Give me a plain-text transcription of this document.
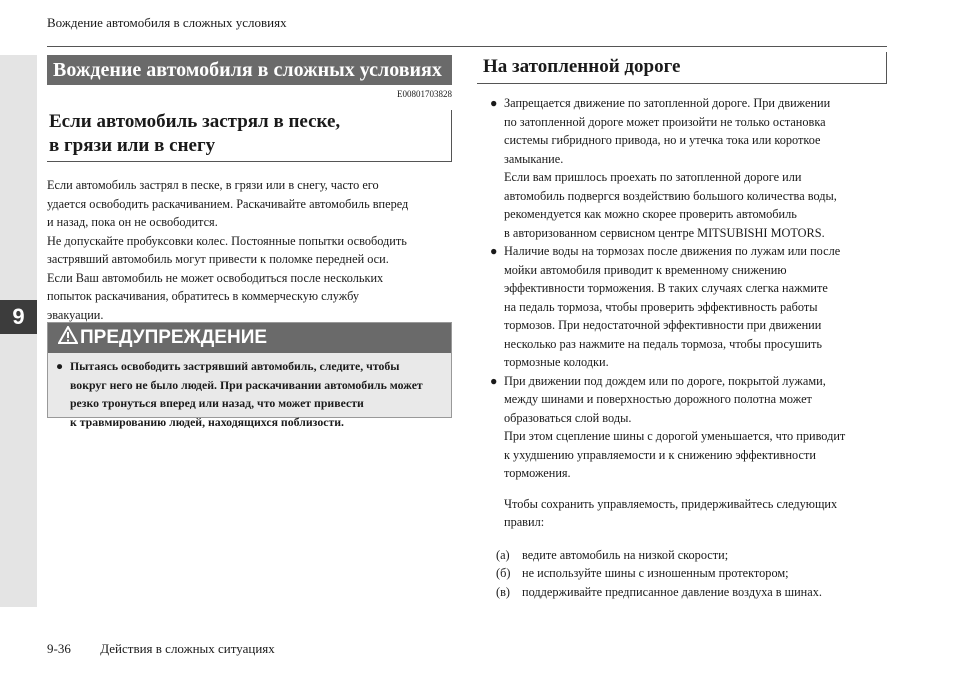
9
Вождение автомобиля в сложных условиях
Вождение автомобиля в сложных условиях
E00801703828
Если автомобиль застрял в песке,
в грязи или в снегу

Если автомобиль застрял в песке, в грязи или в снегу, часто его

удается освободить раскачиванием. Раскачивайте автомобиль вперед

и назад, пока он не освободится.

Не допускайте пробуксовки колес. Постоянные попытки освободить

застрявший автомобиль могут привести к поломке передней оси.

Если Ваш автомобиль не может освободиться после нескольких

попыток раскачивания, обратитесь в коммерческую службу

эвакуации.

ПРЕДУПРЕЖДЕНИЕ
● Пытаясь освободить застрявший автомобиль, следите, чтобы
вокруг него не было людей. При раскачивании автомобиль может
резко тронуться вперед или назад, что может привести
к травмированию людей, находящихся поблизости.
На затопленной дороге
● Запрещается движение по затопленной дороге. При движении
по затопленной дороге может произойти не только остановка
системы гибридного привода, но и утечка тока или короткое
замыкание.
Если вам пришлось проехать по затопленной дороге или
автомобиль подвергся воздействию большого количества воды,
рекомендуется как можно скорее проверить автомобиль
в авторизованном сервисном центре MITSUBISHI MOTORS.
● Наличие воды на тормозах после движения по лужам или после
мойки автомобиля приводит к временному снижению
эффективности торможения. В таких случаях слегка нажмите
на педаль тормоза, чтобы проверить эффективность работы
тормозов. При недостаточной эффективности при движении
несколько раз нажмите на педаль тормоза, чтобы просушить
тормозные колодки.
● При движении под дождем или по дороге, покрытой лужами,
между шинами и поверхностью дорожного полотна может
образоваться слой воды.
При этом сцепление шины с дорогой уменьшается, что приводит
к ухудшению управляемости и к снижению эффективности
торможения.
Чтобы сохранить управляемость, придерживайтесь следующих
правил:
(а)	ведите автомобиль на низкой скорости;
(б) не используйте шины с изношенным протектором;
(в) поддерживайте предписанное давление воздуха в шинах.
9-36 Действия в сложных ситуациях
